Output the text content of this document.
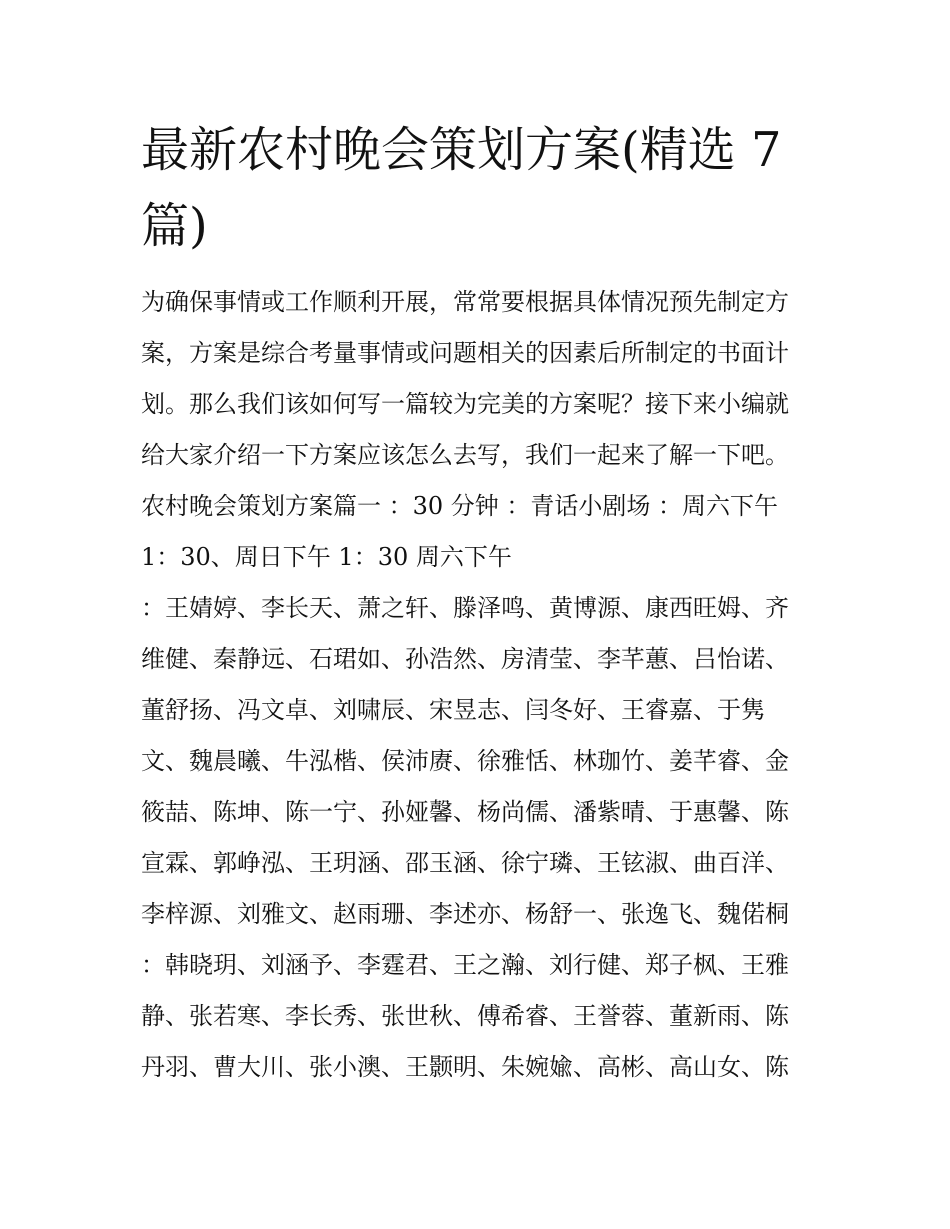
最新农村晚会策划方案(精选 7
篇)
为确保事情或工作顺利开展，常常要根据具体情况预先制定方
案，方案是综合考量事情或问题相关的因素后所制定的书面计
划。那么我们该如何写一篇较为完美的方案呢？接下来小编就
给大家介绍一下方案应该怎么去写，我们一起来了解一下吧。
农村晚会策划方案篇一 ：30 分钟 ：青话小剧场 ：周六下午
1：30、周日下午 1：30 周六下午
：王婧婷、李长天、萧之轩、滕泽鸣、黄博源、康西旺姆、齐
维健、秦静远、石珺如、孙浩然、房清莹、李芊蕙、吕怡诺、
董舒扬、冯文卓、刘啸辰、宋昱志、闫冬好、王睿嘉、于隽
文、魏晨曦、牛泓楷、侯沛赓、徐雅恬、林珈竹、姜芊睿、金
筱喆、陈坤、陈一宁、孙娅馨、杨尚儒、潘紫晴、于惠馨、陈
宣霖、郭峥泓、王玥涵、邵玉涵、徐宁璘、王铉淑、曲百洋、
李梓源、刘雅文、赵雨珊、李述亦、杨舒一、张逸飞、魏偌桐
：韩晓玥、刘涵予、李霆君、王之瀚、刘行健、郑子枫、王雅
静、张若寒、李长秀、张世秋、傅希睿、王誉蓉、董新雨、陈
丹羽、曹大川、张小澳、王颢明、朱婉婾、高彬、高山女、陈
